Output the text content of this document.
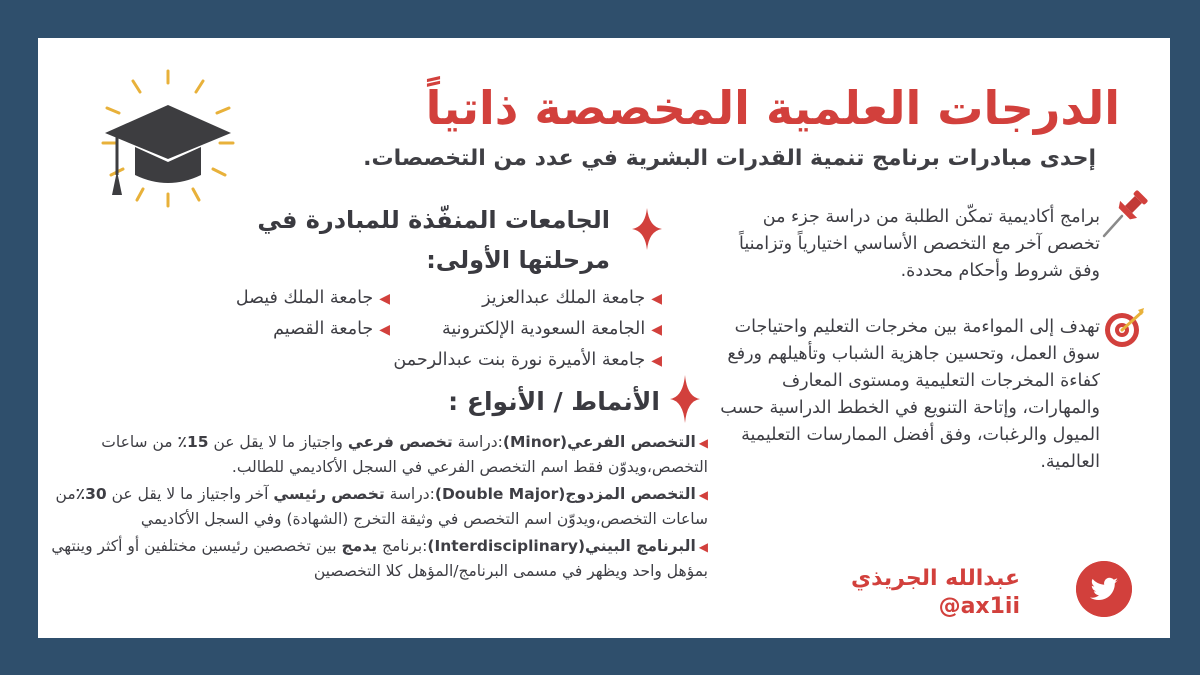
الدرجات العلمية المخصصة ذاتياً
إحدى مبادرات برنامج تنمية القدرات البشرية في عدد من التخصصات.
برامج أكاديمية تمكّن الطلبة من دراسة جزء من تخصص آخر مع التخصص الأساسي اختيارياً وتزامنياً وفق شروط وأحكام محددة.
تهدف إلى المواءمة بين مخرجات التعليم واحتياجات سوق العمل، وتحسين جاهزية الشباب وتأهيلهم ورفع كفاءة المخرجات التعليمية ومستوى المعارف والمهارات، وإتاحة التنويع في الخطط الدراسية حسب الميول والرغبات، وفق أفضل الممارسات التعليمية العالمية.
الجامعات المنفّذة للمبادرة في مرحلتها الأولى:
◀جامعة الملك عبدالعزيز
◀جامعة الملك فيصل
◀الجامعة السعودية الإلكترونية
◀جامعة القصيم
◀جامعة الأميرة نورة بنت عبدالرحمن
الأنماط / الأنواع :
◀التخصص الفرعي(Minor):دراسة تخصص فرعي واجتياز ما لا يقل عن 15٪ من ساعات التخصص،ويدوّن فقط اسم التخصص الفرعي في السجل الأكاديمي للطالب.
◀التخصص المزدوج(Double Major):دراسة تخصص رئيسي آخر واجتياز ما لا يقل عن 30٪من ساعات التخصص،ويدوّن اسم التخصص في وثيقة التخرج (الشهادة) وفي السجل الأكاديمي
◀البرنامج البيني(Interdisciplinary):برنامج يدمج بين تخصصين رئيسين مختلفين أو أكثر وينتهي بمؤهل واحد ويظهر في مسمى البرنامج/المؤهل كلا التخصصين	عبدالله الجريذي
@ax1ii
